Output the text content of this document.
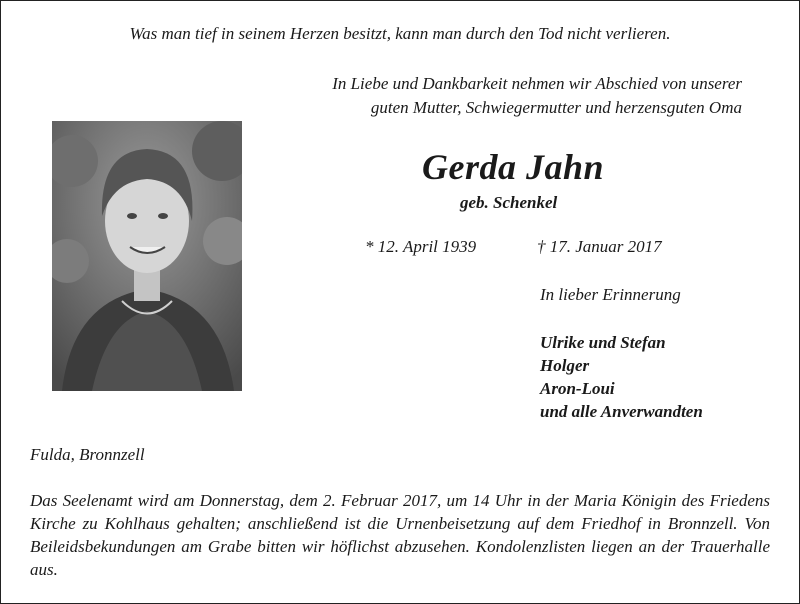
Was man tief in seinem Herzen besitzt, kann man durch den Tod nicht verlieren.
In Liebe und Dankbarkeit nehmen wir Abschied von unserer
guten Mutter, Schwiegermutter und herzensguten Oma
Gerda Jahn
geb. Schenkel
* 12. April 1939	† 17. Januar 2017
In lieber Erinnerung
Ulrike und Stefan
Holger
Aron-Loui
und alle Anverwandten
Fulda, Bronnzell

Das Seelenamt wird am Donnerstag, dem 2. Februar 2017, um 14 Uhr in der Maria Königin des Friedens Kirche zu Kohlhaus gehalten; anschließend ist die Urnenbeisetzung auf dem Friedhof in Bronnzell. Von Beileidsbekundungen am Grabe bitten wir höflichst abzusehen. Kondolenzlisten liegen an der Trauerhalle aus.
